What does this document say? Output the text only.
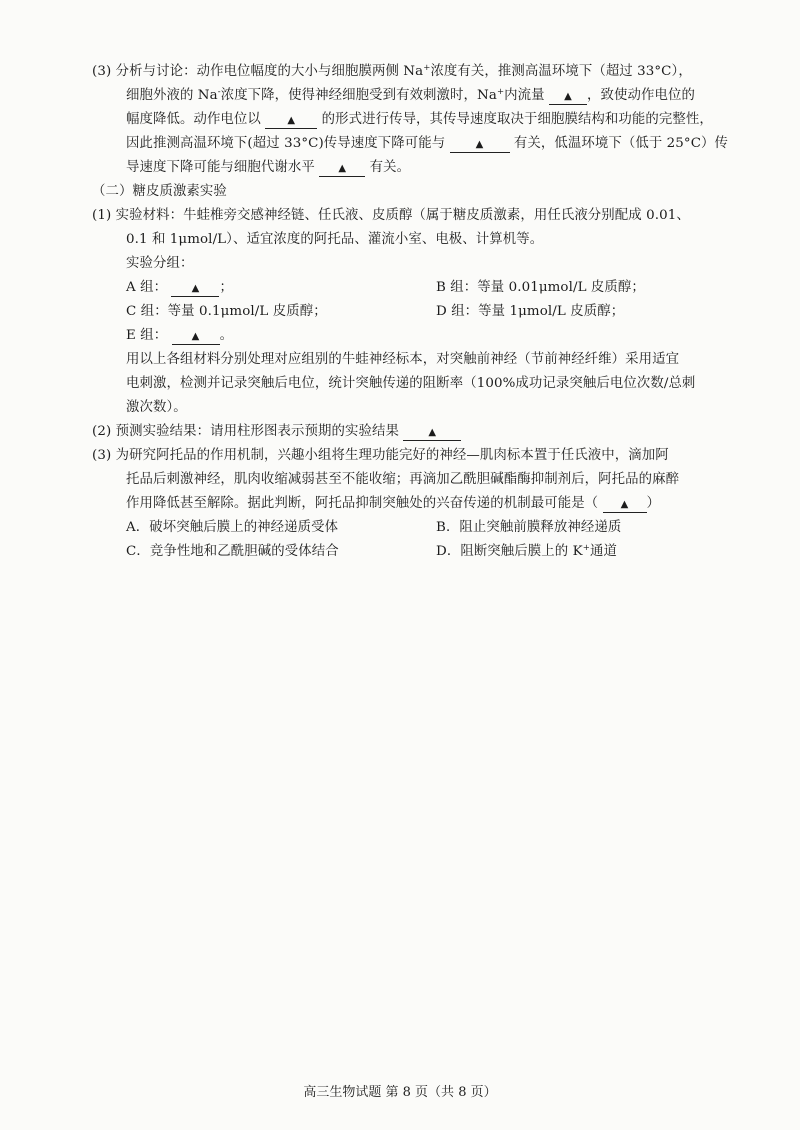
(3) 分析与讨论：动作电位幅度的大小与细胞膜两侧 Na+浓度有关，推测高温环境下（超过 33°C），
细胞外液的 Na-浓度下降，使得神经细胞受到有效刺激时，Na+内流量 ▲ ，致使动作电位的
幅度降低。动作电位以	▲ 的形式进行传导，其传导速度取决于细胞膜结构和功能的完整性，
因此推测高温环境下(超过 33°C)传导速度下降可能与	▲ 有关，低温环境下（低于 25°C）传
导速度下降可能与细胞代谢水平 ▲ 有关。
（二）糖皮质激素实验
(1) 实验材料：牛蛙椎旁交感神经链、任氏液、皮质醇（属于糖皮质激素，用任氏液分别配成 0.01、
0.1 和 1μmol/L）、适宜浓度的阿托品、灌流小室、电极、计算机等。
实验分组：
A 组： ▲ ；	B 组：等量 0.01μmol/L 皮质醇；
C 组：等量 0.1μmol/L 皮质醇；	D 组：等量 1μmol/L 皮质醇；
E 组： ▲ 。
用以上各组材料分别处理对应组别的牛蛙神经标本，对突触前神经（节前神经纤维）采用适宜
电刺激，检测并记录突触后电位，统计突触传递的阻断率（100%成功记录突触后电位次数/总刺
激次数）。
(2) 预测实验结果：请用柱形图表示预期的实验结果	▲
(3) 为研究阿托品的作用机制，兴趣小组将生理功能完好的神经—肌肉标本置于任氏液中，滴加阿
托品后刺激神经，肌肉收缩减弱甚至不能收缩；再滴加乙酰胆碱酯酶抑制剂后，阿托品的麻醉
作用降低甚至解除。据此判断，阿托品抑制突触处的兴奋传递的机制最可能是（ ▲ ）
A．破坏突触后膜上的神经递质受体	B．阻止突触前膜释放神经递质
C．竞争性地和乙酰胆碱的受体结合	D．阻断突触后膜上的 K+通道
高三生物试题 第 8 页（共 8 页）
